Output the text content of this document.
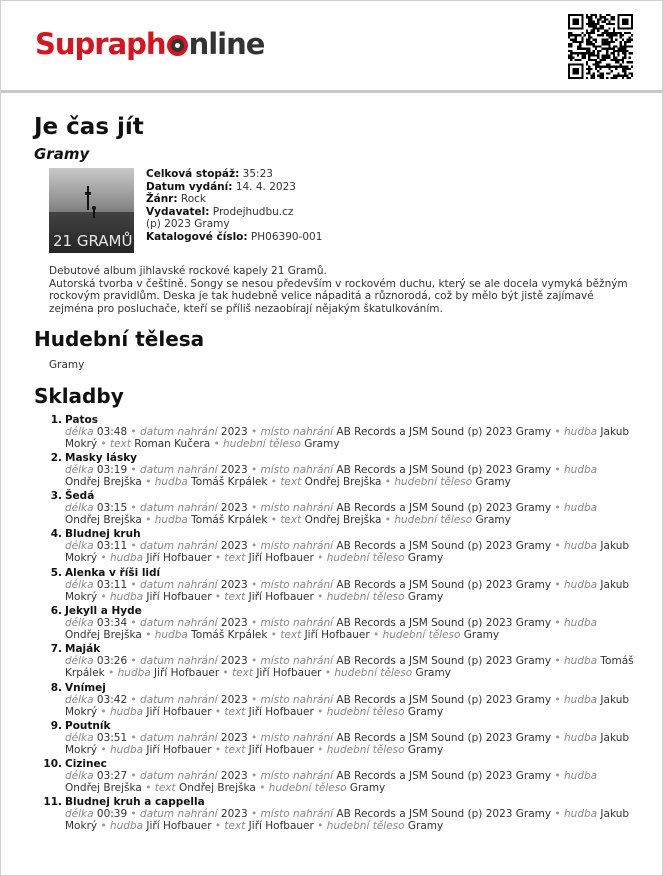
Supraph nline
Je čas jít
Gramy
21 GRAMŮ
Celková stopáž: 35:23
Datum vydání: 14. 4. 2023
Žánr: Rock
Vydavatel: Prodejhudbu.cz
(p) 2023 Gramy
Katalogové číslo: PH06390-001
Debutové album jihlavské rockové kapely 21 Gramů.
Autorská tvorba v češtině. Songy se nesou především v rockovém duchu, který se ale docela vymyká běžným rockovým pravidlům. Deska je tak hudebně velice nápaditá a různorodá, což by mělo být jistě zajímavé zejména pro posluchače, kteří se příliš nezaobírají nějakým škatulkováním.
Hudební tělesa
Gramy
Skladby
1. Patos
délka 03:48 • datum nahrání 2023 • místo nahrání AB Records a JSM Sound (p) 2023 Gramy • hudba Jakub Mokrý • text Roman Kučera • hudební těleso Gramy
2. Masky lásky
délka 03:19 • datum nahrání 2023 • místo nahrání AB Records a JSM Sound (p) 2023 Gramy • hudba Ondřej Brejška • hudba Tomáš Krpálek • text Ondřej Brejška • hudební těleso Gramy
3. Šedá
délka 03:15 • datum nahrání 2023 • místo nahrání AB Records a JSM Sound (p) 2023 Gramy • hudba Ondřej Brejška • hudba Tomáš Krpálek • text Ondřej Brejška • hudební těleso Gramy
4. Bludnej kruh
délka 03:11 • datum nahrání 2023 • místo nahrání AB Records a JSM Sound (p) 2023 Gramy • hudba Jakub Mokrý • hudba Jiří Hofbauer • text Jiří Hofbauer • hudební těleso Gramy
5. Alenka v říši lidí
délka 03:11 • datum nahrání 2023 • místo nahrání AB Records a JSM Sound (p) 2023 Gramy • hudba Jakub Mokrý • hudba Jiří Hofbauer • text Jiří Hofbauer • hudební těleso Gramy
6. Jekyll a Hyde
délka 03:34 • datum nahrání 2023 • místo nahrání AB Records a JSM Sound (p) 2023 Gramy • hudba Ondřej Brejška • hudba Tomáš Krpálek • text Jiří Hofbauer • hudební těleso Gramy
7. Maják
délka 03:26 • datum nahrání 2023 • místo nahrání AB Records a JSM Sound (p) 2023 Gramy • hudba Tomáš Krpálek • hudba Jiří Hofbauer • text Jiří Hofbauer • hudební těleso Gramy
8. Vnímej
délka 03:42 • datum nahrání 2023 • místo nahrání AB Records a JSM Sound (p) 2023 Gramy • hudba Jakub Mokrý • hudba Jiří Hofbauer • text Jiří Hofbauer • hudební těleso Gramy
9. Poutník
délka 03:51 • datum nahrání 2023 • místo nahrání AB Records a JSM Sound (p) 2023 Gramy • hudba Jakub Mokrý • hudba Jiří Hofbauer • text Jiří Hofbauer • hudební těleso Gramy
10. Cizinec
délka 03:27 • datum nahrání 2023 • místo nahrání AB Records a JSM Sound (p) 2023 Gramy • hudba Ondřej Brejška • text Ondřej Brejška • hudební těleso Gramy
11. Bludnej kruh a cappella
délka 00:39 • datum nahrání 2023 • místo nahrání AB Records a JSM Sound (p) 2023 Gramy • hudba Jakub Mokrý • hudba Jiří Hofbauer • text Jiří Hofbauer • hudební těleso Gramy
